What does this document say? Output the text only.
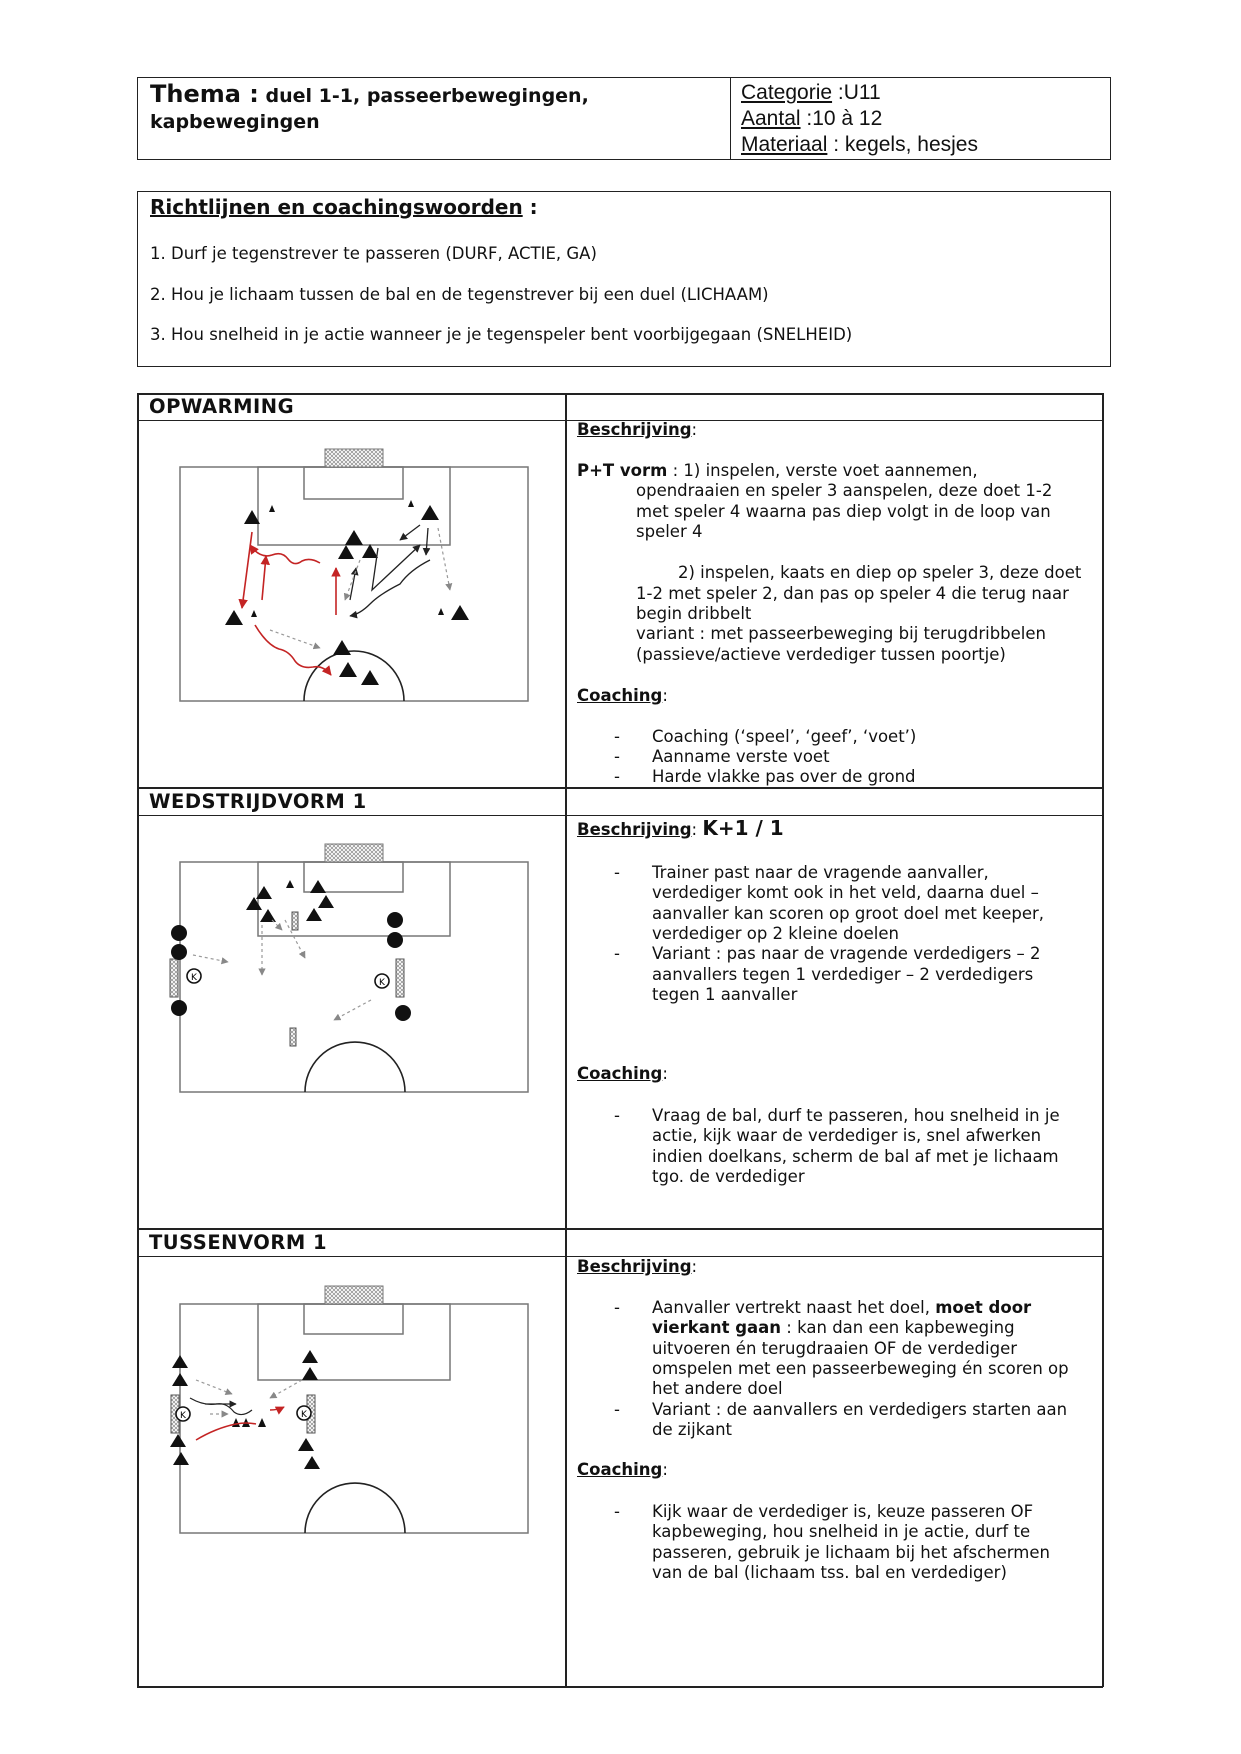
Thema : duel 1-1, passeerbewegingen, kapbewegingen
Categorie :U11
Aantal :10 à 12
Materiaal : kegels, hesjes
Richtlijnen en coachingswoorden :
1. Durf je tegenstrever te passeren (DURF, ACTIE, GA)
2. Hou je lichaam tussen de bal en de tegenstrever bij een duel (LICHAAM)
3. Hou snelheid in je actie wanneer je je tegenspeler bent voorbijgegaan (SNELHEID)
OPWARMING
WEDSTRIJDVORM 1
TUSSENVORM 1
Beschrijving:
P+T vorm : 1) inspelen, verste voet aannemen,
opendraaien en speler 3 aanspelen, deze doet 1-2
met speler 4 waarna pas diep volgt in de loop van
speler 4
2) inspelen, kaats en diep op speler 3, deze doet
1-2 met speler 2, dan pas op speler 4 die terug naar
begin dribbelt
variant : met passeerbeweging bij terugdribbelen
(passieve/actieve verdediger tussen poortje)
Coaching:
- Coaching (‘speel’, ‘geef’, ‘voet’)
- Aanname verste voet
- Harde vlakke pas over de grond
Beschrijving: K+1 / 1
- Trainer past naar de vragende aanvaller,
verdediger komt ook in het veld, daarna duel –
aanvaller kan scoren op groot doel met keeper,
verdediger op 2 kleine doelen
- Variant : pas naar de vragende verdedigers – 2
aanvallers tegen 1 verdediger – 2 verdedigers
tegen 1 aanvaller
Coaching:
- Vraag de bal, durf te passeren, hou snelheid in je
actie, kijk waar de verdediger is, snel afwerken
indien doelkans, scherm de bal af met je lichaam
tgo. de verdediger
Beschrijving:
- Aanvaller vertrekt naast het doel, moet door
vierkant gaan : kan dan een kapbeweging
uitvoeren én terugdraaien OF de verdediger
omspelen met een passeerbeweging én scoren op
het andere doel
- Variant : de aanvallers en verdedigers starten aan
de zijkant
Coaching:
- Kijk waar de verdediger is, keuze passeren OF
kapbeweging, hou snelheid in je actie, durf te
passeren, gebruik je lichaam bij het afschermen
van de bal (lichaam tss. bal en verdediger)
K	K
K	K
